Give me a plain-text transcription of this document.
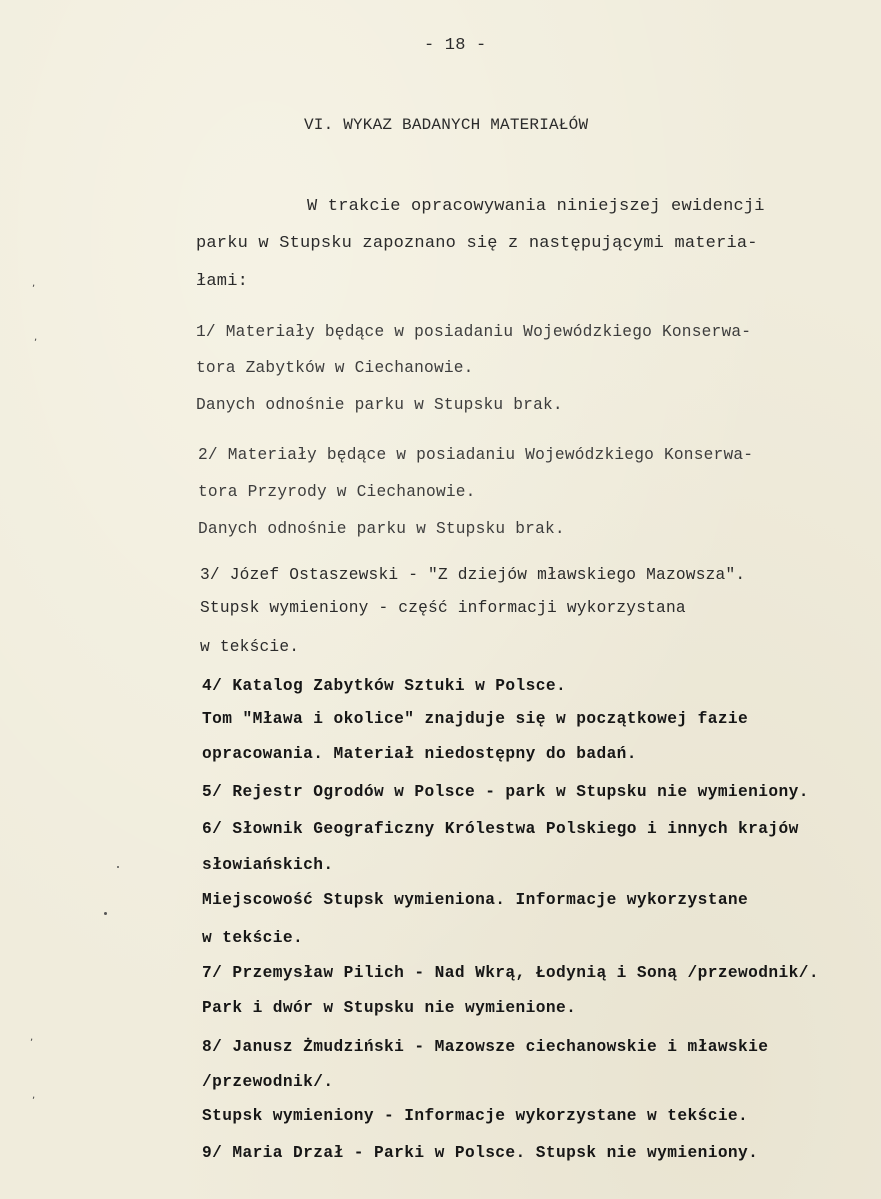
- 18 -
VI. WYKAZ BADANYCH MATERIAŁÓW
W trakcie opracowywania niniejszej ewidencji
parku w Stupsku zapoznano się z następującymi materia-
łami:
1/ Materiały będące w posiadaniu Wojewódzkiego Konserwa-
tora Zabytków w Ciechanowie.
Danych odnośnie parku w Stupsku brak.
2/ Materiały będące w posiadaniu Wojewódzkiego Konserwa-
tora Przyrody w Ciechanowie.
Danych odnośnie parku w Stupsku brak.
3/ Józef Ostaszewski - "Z dziejów mławskiego Mazowsza".
Stupsk wymieniony - część informacji wykorzystana
w tekście.
4/ Katalog Zabytków Sztuki w Polsce.
Tom "Mława i okolice" znajduje się w początkowej fazie
opracowania. Materiał niedostępny do badań.
5/ Rejestr Ogrodów w Polsce - park w Stupsku nie wymieniony.
6/ Słownik Geograficzny Królestwa Polskiego i innych krajów
słowiańskich.
Miejscowość Stupsk wymieniona. Informacje wykorzystane
w tekście.
7/ Przemysław Pilich - Nad Wkrą, Łodynią i Soną /przewodnik/.
Park i dwór w Stupsku nie wymienione.
8/ Janusz Żmudziński - Mazowsze ciechanowskie i mławskie
/przewodnik/.
Stupsk wymieniony - Informacje wykorzystane w tekście.
9/ Maria Drzał - Parki w Polsce. Stupsk nie wymieniony.
,
,
,
,
